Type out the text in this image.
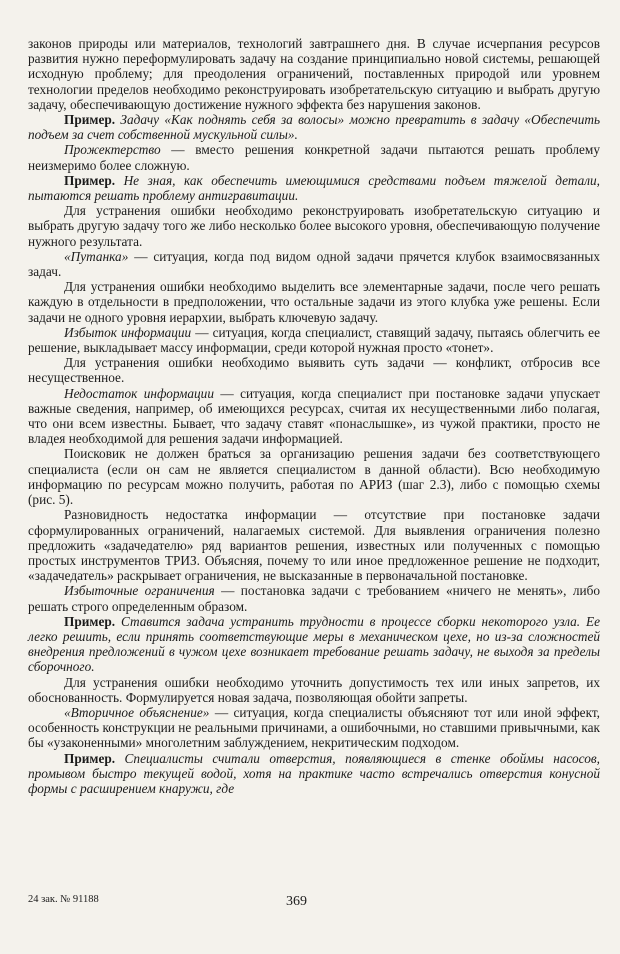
законов природы или материалов, технологий завтрашнего дня. В случае исчерпания ресурсов развития нужно переформулировать задачу на создание принципиально новой системы, решающей исходную проблему; для преодоления ограничений, поставленных природой или уровнем технологии пределов необходимо реконструировать изобретательскую ситуацию и выбрать другую задачу, обеспечивающую достижение нужного эффекта без нарушения законов.

Пример. Задачу «Как поднять себя за волосы» можно превратить в задачу «Обеспечить подъем за счет собственной мускульной силы».

Прожектерство — вместо решения конкретной задачи пытаются решать проблему неизмеримо более сложную.

Пример. Не зная, как обеспечить имеющимися средствами подъем тяжелой детали, пытаются решать проблему антигравитации.

Для устранения ошибки необходимо реконструировать изобретательскую ситуацию и выбрать другую задачу того же либо несколько более высокого уровня, обеспечивающую получение нужного результата.

«Путанка» — ситуация, когда под видом одной задачи прячется клубок взаимосвязанных задач.

Для устранения ошибки необходимо выделить все элементарные задачи, после чего решать каждую в отдельности в предположении, что остальные задачи из этого клубка уже решены. Если задачи не одного уровня иерархии, выбрать ключевую задачу.

Избыток информации — ситуация, когда специалист, ставящий задачу, пытаясь облегчить ее решение, выкладывает массу информации, среди которой нужная просто «тонет».

Для устранения ошибки необходимо выявить суть задачи — конфликт, отбросив все несущественное.

Недостаток информации — ситуация, когда специалист при постановке задачи упускает важные сведения, например, об имеющихся ресурсах, считая их несущественными либо полагая, что они всем известны. Бывает, что задачу ставят «понаслышке», из чужой практики, просто не владея необходимой для решения задачи информацией.

Поисковик не должен браться за организацию решения задачи без соответствующего специалиста (если он сам не является специалистом в данной области). Всю необходимую информацию по ресурсам можно получить, работая по АРИЗ (шаг 2.3), либо с помощью схемы (рис. 5).

Разновидность недостатка информации — отсутствие при постановке задачи сформулированных ограничений, налагаемых системой. Для выявления ограничения полезно предложить «задачедателю» ряд вариантов решения, известных или полученных с помощью простых инструментов ТРИЗ. Объясняя, почему то или иное предложенное решение не подходит, «задачедатель» раскрывает ограничения, не высказанные в первоначальной постановке.

Избыточные ограничения — постановка задачи с требованием «ничего не менять», либо решать строго определенным образом.

Пример. Ставится задача устранить трудности в процессе сборки некоторого узла. Ее легко решить, если принять соответствующие меры в механическом цехе, но из-за сложностей внедрения предложений в чужом цехе возникает требование решать задачу, не выходя за пределы сборочного.

Для устранения ошибки необходимо уточнить допустимость тех или иных запретов, их обоснованность. Формулируется новая задача, позволяющая обойти запреты.

«Вторичное объяснение» — ситуация, когда специалисты объясняют тот или иной эффект, особенность конструкции не реальными причинами, а ошибочными, но ставшими привычными, как бы «узаконенными» многолетним заблуждением, некритическим подходом.

Пример. Специалисты считали отверстия, появляющиеся в стенке обоймы насосов, промывом быстро текущей водой, хотя на практике часто встречались отверстия конусной формы с расширением кнаружи, где

24 зак. № 91188	369
